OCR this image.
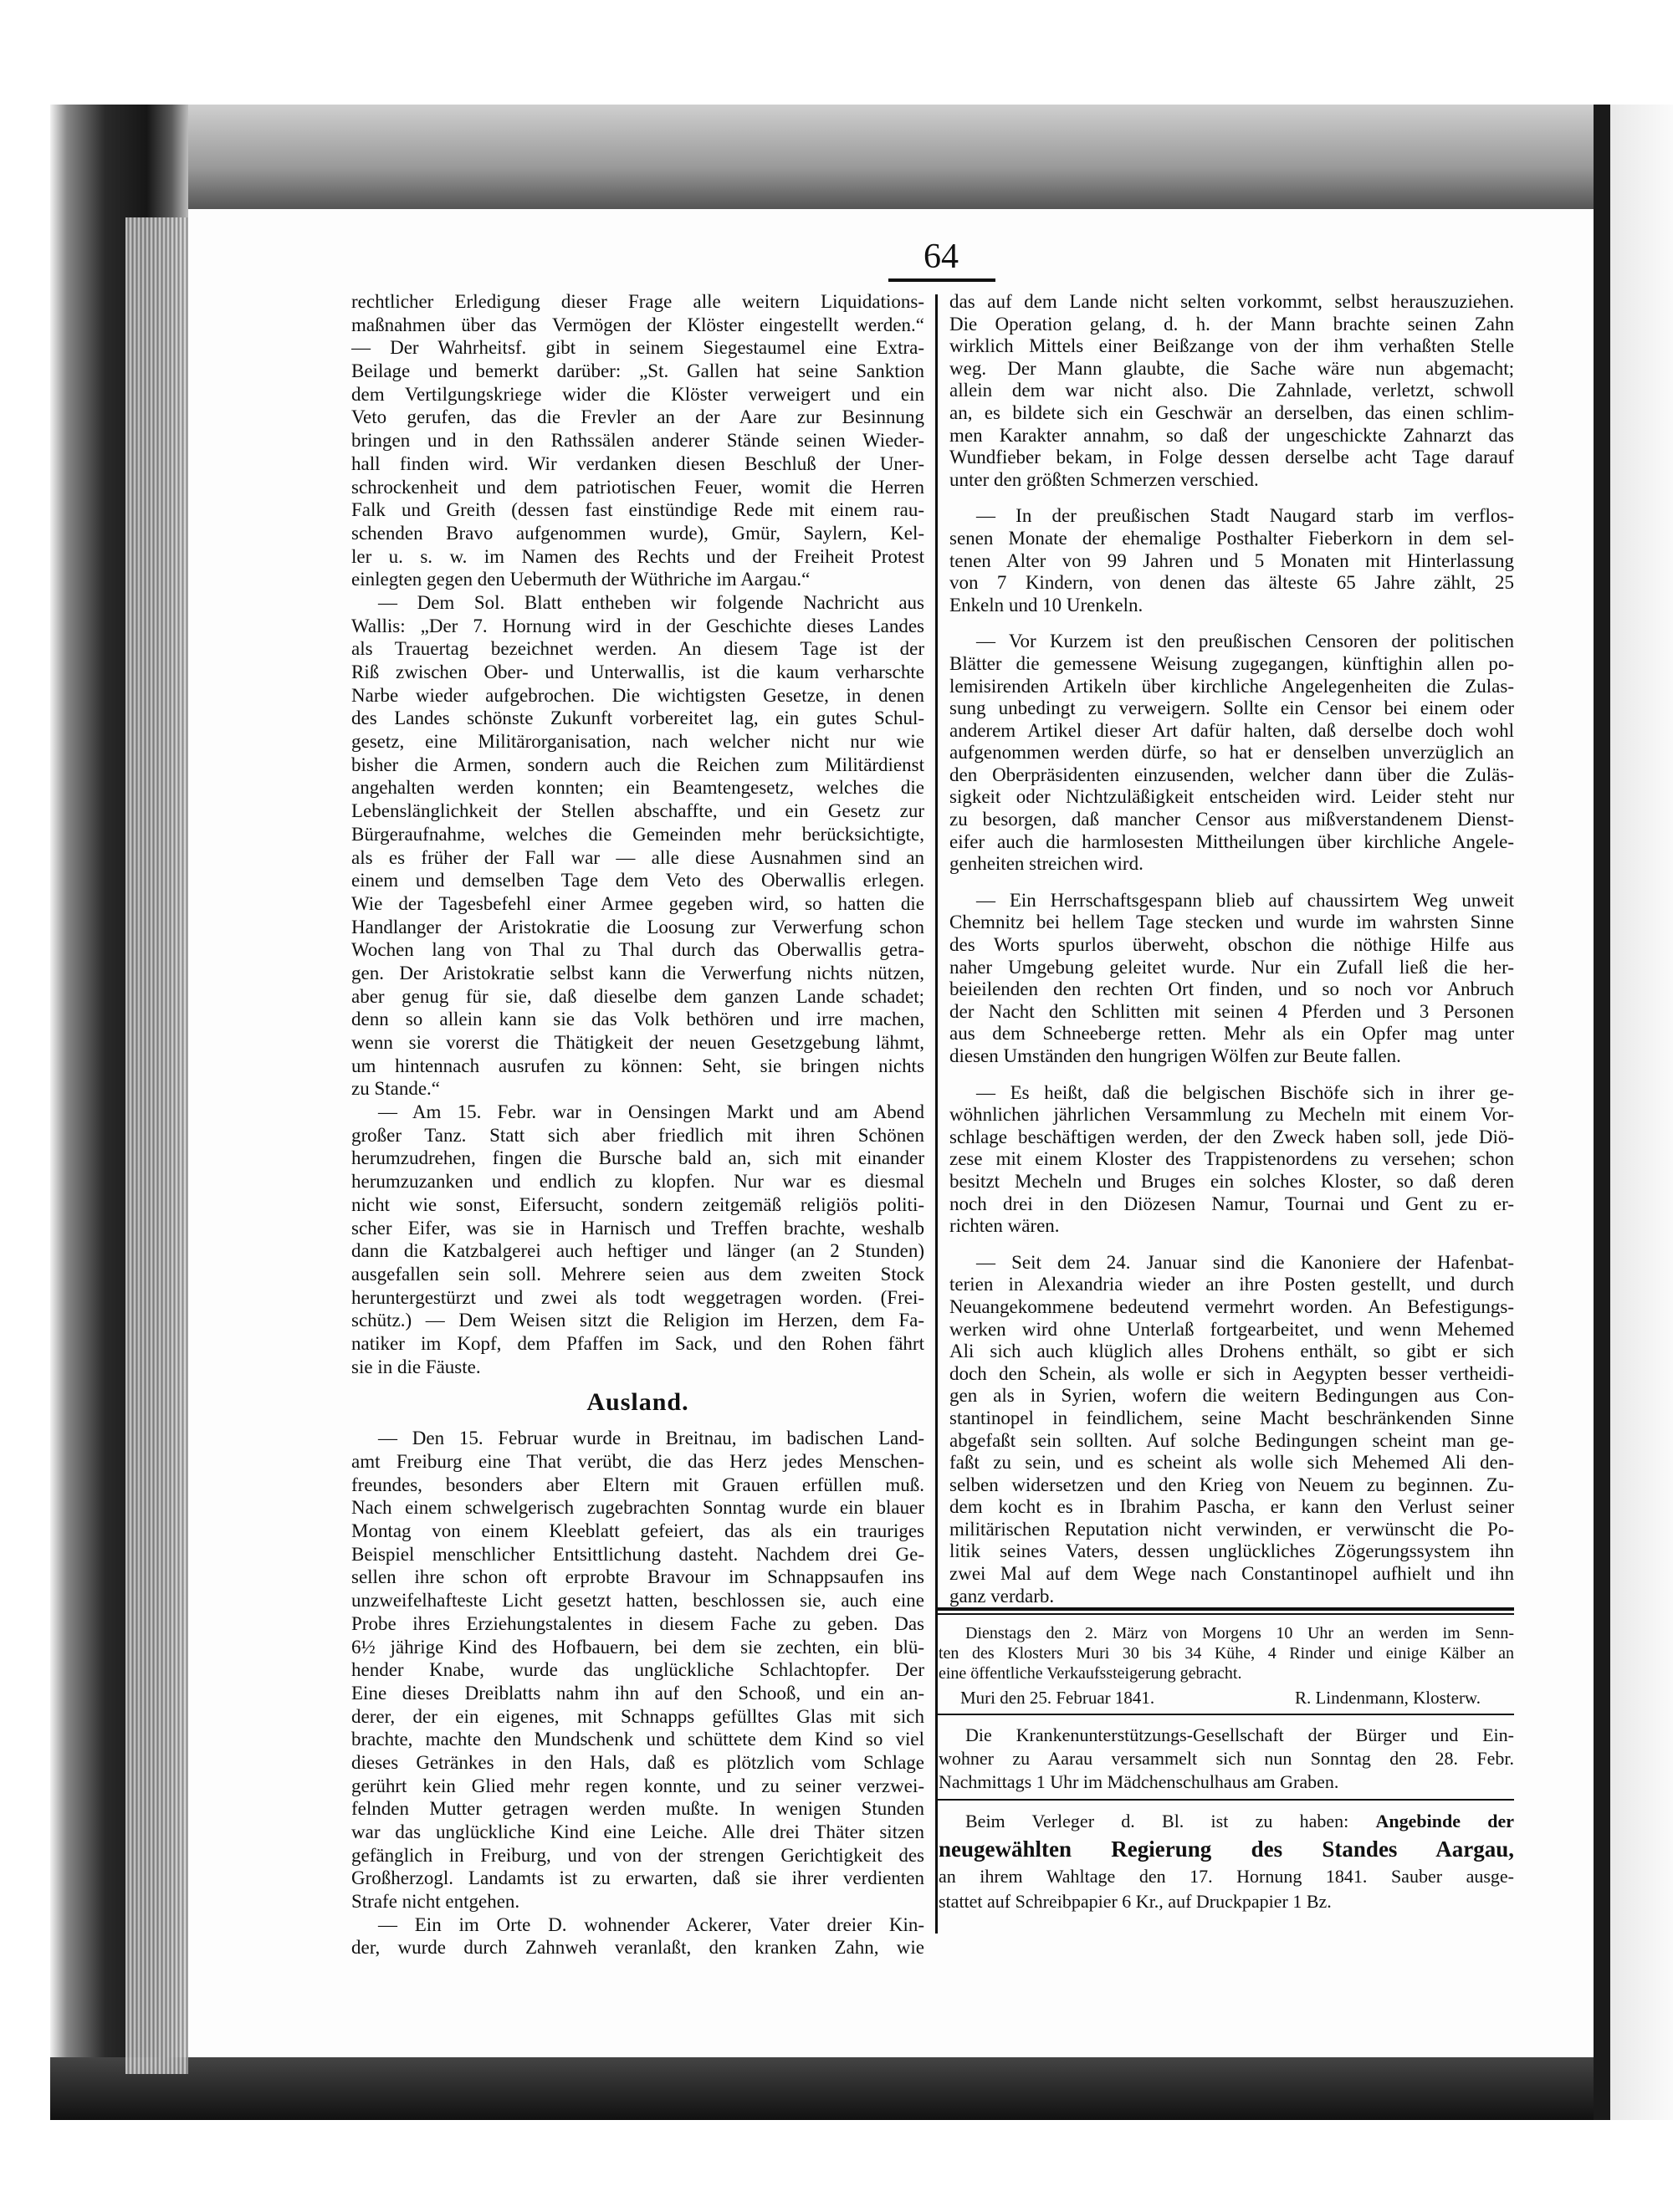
64
rechtlicher Erledigung dieser Frage alle weitern Liquidations-
maßnahmen über das Vermögen der Klöster eingestellt werden.“
— Der Wahrheitsf. gibt in seinem Siegestaumel eine Extra-
Beilage und bemerkt darüber: „St. Gallen hat seine Sanktion
dem Vertilgungskriege wider die Klöster verweigert und ein
Veto gerufen, das die Frevler an der Aare zur Besinnung
bringen und in den Rathssälen anderer Stände seinen Wieder-
hall finden wird. Wir verdanken diesen Beschluß der Uner-
schrockenheit und dem patriotischen Feuer, womit die Herren
Falk und Greith (dessen fast einstündige Rede mit einem rau-
schenden Bravo aufgenommen wurde), Gmür, Saylern, Kel-
ler u. s. w. im Namen des Rechts und der Freiheit Protest
einlegten gegen den Uebermuth der Wüthriche im Aargau.“
— Dem Sol. Blatt entheben wir folgende Nachricht aus
Wallis: „Der 7. Hornung wird in der Geschichte dieses Landes
als Trauertag bezeichnet werden. An diesem Tage ist der
Riß zwischen Ober- und Unterwallis, ist die kaum verharschte
Narbe wieder aufgebrochen. Die wichtigsten Gesetze, in denen
des Landes schönste Zukunft vorbereitet lag, ein gutes Schul-
gesetz, eine Militärorganisation, nach welcher nicht nur wie
bisher die Armen, sondern auch die Reichen zum Militärdienst
angehalten werden konnten; ein Beamtengesetz, welches die
Lebenslänglichkeit der Stellen abschaffte, und ein Gesetz zur
Bürgeraufnahme, welches die Gemeinden mehr berücksichtigte,
als es früher der Fall war — alle diese Ausnahmen sind an
einem und demselben Tage dem Veto des Oberwallis erlegen.
Wie der Tagesbefehl einer Armee gegeben wird, so hatten die
Handlanger der Aristokratie die Loosung zur Verwerfung schon
Wochen lang von Thal zu Thal durch das Oberwallis getra-
gen. Der Aristokratie selbst kann die Verwerfung nichts nützen,
aber genug für sie, daß dieselbe dem ganzen Lande schadet;
denn so allein kann sie das Volk bethören und irre machen,
wenn sie vorerst die Thätigkeit der neuen Gesetzgebung lähmt,
um hintennach ausrufen zu können: Seht, sie bringen nichts
zu Stande.“
— Am 15. Febr. war in Oensingen Markt und am Abend
großer Tanz. Statt sich aber friedlich mit ihren Schönen
herumzudrehen, fingen die Bursche bald an, sich mit einander
herumzuzanken und endlich zu klopfen. Nur war es diesmal
nicht wie sonst, Eifersucht, sondern zeitgemäß religiös politi-
scher Eifer, was sie in Harnisch und Treffen brachte, weshalb
dann die Katzbalgerei auch heftiger und länger (an 2 Stunden)
ausgefallen sein soll. Mehrere seien aus dem zweiten Stock
heruntergestürzt und zwei als todt weggetragen worden. (Frei-
schütz.) — Dem Weisen sitzt die Religion im Herzen, dem Fa-
natiker im Kopf, dem Pfaffen im Sack, und den Rohen fährt
sie in die Fäuste.
Ausland.
— Den 15. Februar wurde in Breitnau, im badischen Land-
amt Freiburg eine That verübt, die das Herz jedes Menschen-
freundes, besonders aber Eltern mit Grauen erfüllen muß.
Nach einem schwelgerisch zugebrachten Sonntag wurde ein blauer
Montag von einem Kleeblatt gefeiert, das als ein trauriges
Beispiel menschlicher Entsittlichung dasteht. Nachdem drei Ge-
sellen ihre schon oft erprobte Bravour im Schnappsaufen ins
unzweifelhafteste Licht gesetzt hatten, beschlossen sie, auch eine
Probe ihres Erziehungstalentes in diesem Fache zu geben. Das
6½ jährige Kind des Hofbauern, bei dem sie zechten, ein blü-
hender Knabe, wurde das unglückliche Schlachtopfer. Der
Eine dieses Dreiblatts nahm ihn auf den Schooß, und ein an-
derer, der ein eigenes, mit Schnapps gefülltes Glas mit sich
brachte, machte den Mundschenk und schüttete dem Kind so viel
dieses Getränkes in den Hals, daß es plötzlich vom Schlage
gerührt kein Glied mehr regen konnte, und zu seiner verzwei-
felnden Mutter getragen werden mußte. In wenigen Stunden
war das unglückliche Kind eine Leiche. Alle drei Thäter sitzen
gefänglich in Freiburg, und von der strengen Gerichtigkeit des
Großherzogl. Landamts ist zu erwarten, daß sie ihrer verdienten
Strafe nicht entgehen.
— Ein im Orte D. wohnender Ackerer, Vater dreier Kin-
der, wurde durch Zahnweh veranlaßt, den kranken Zahn, wie
das auf dem Lande nicht selten vorkommt, selbst herauszuziehen.
Die Operation gelang, d. h. der Mann brachte seinen Zahn
wirklich Mittels einer Beißzange von der ihm verhaßten Stelle
weg. Der Mann glaubte, die Sache wäre nun abgemacht;
allein dem war nicht also. Die Zahnlade, verletzt, schwoll
an, es bildete sich ein Geschwär an derselben, das einen schlim-
men Karakter annahm, so daß der ungeschickte Zahnarzt das
Wundfieber bekam, in Folge dessen derselbe acht Tage darauf
unter den größten Schmerzen verschied.
— In der preußischen Stadt Naugard starb im verflos-
senen Monate der ehemalige Posthalter Fieberkorn in dem sel-
tenen Alter von 99 Jahren und 5 Monaten mit Hinterlassung
von 7 Kindern, von denen das älteste 65 Jahre zählt, 25
Enkeln und 10 Urenkeln.
— Vor Kurzem ist den preußischen Censoren der politischen
Blätter die gemessene Weisung zugegangen, künftighin allen po-
lemisirenden Artikeln über kirchliche Angelegenheiten die Zulas-
sung unbedingt zu verweigern. Sollte ein Censor bei einem oder
anderem Artikel dieser Art dafür halten, daß derselbe doch wohl
aufgenommen werden dürfe, so hat er denselben unverzüglich an
den Oberpräsidenten einzusenden, welcher dann über die Zuläs-
sigkeit oder Nichtzuläßigkeit entscheiden wird. Leider steht nur
zu besorgen, daß mancher Censor aus mißverstandenem Dienst-
eifer auch die harmlosesten Mittheilungen über kirchliche Angele-
genheiten streichen wird.
— Ein Herrschaftsgespann blieb auf chaussirtem Weg unweit
Chemnitz bei hellem Tage stecken und wurde im wahrsten Sinne
des Worts spurlos überweht, obschon die nöthige Hilfe aus
naher Umgebung geleitet wurde. Nur ein Zufall ließ die her-
beieilenden den rechten Ort finden, und so noch vor Anbruch
der Nacht den Schlitten mit seinen 4 Pferden und 3 Personen
aus dem Schneeberge retten. Mehr als ein Opfer mag unter
diesen Umständen den hungrigen Wölfen zur Beute fallen.
— Es heißt, daß die belgischen Bischöfe sich in ihrer ge-
wöhnlichen jährlichen Versammlung zu Mecheln mit einem Vor-
schlage beschäftigen werden, der den Zweck haben soll, jede Diö-
zese mit einem Kloster des Trappistenordens zu versehen; schon
besitzt Mecheln und Bruges ein solches Kloster, so daß deren
noch drei in den Diözesen Namur, Tournai und Gent zu er-
richten wären.
— Seit dem 24. Januar sind die Kanoniere der Hafenbat-
terien in Alexandria wieder an ihre Posten gestellt, und durch
Neuangekommene bedeutend vermehrt worden. An Befestigungs-
werken wird ohne Unterlaß fortgearbeitet, und wenn Mehemed
Ali sich auch klüglich alles Drohens enthält, so gibt er sich
doch den Schein, als wolle er sich in Aegypten besser vertheidi-
gen als in Syrien, wofern die weitern Bedingungen aus Con-
stantinopel in feindlichem, seine Macht beschränkenden Sinne
abgefaßt sein sollten. Auf solche Bedingungen scheint man ge-
faßt zu sein, und es scheint als wolle sich Mehemed Ali den-
selben widersetzen und den Krieg von Neuem zu beginnen. Zu-
dem kocht es in Ibrahim Pascha, er kann den Verlust seiner
militärischen Reputation nicht verwinden, er verwünscht die Po-
litik seines Vaters, dessen unglückliches Zögerungssystem ihn
zwei Mal auf dem Wege nach Constantinopel aufhielt und ihn
ganz verdarb.
Dienstags den 2. März von Morgens 10 Uhr an werden im Senn-
ten des Klosters Muri 30 bis 34 Kühe, 4 Rinder und einige Kälber an
eine öffentliche Verkaufssteigerung gebracht.
Muri den 25. Februar 1841.	R. Lindenmann, Klosterw.
Die Krankenunterstützungs-Gesellschaft der Bürger und Ein-
wohner zu Aarau versammelt sich nun Sonntag den 28. Febr.
Nachmittags 1 Uhr im Mädchenschulhaus am Graben.
Beim Verleger d. Bl. ist zu haben: Angebinde der
neugewählten Regierung des Standes Aargau,
an ihrem Wahltage den 17. Hornung 1841. Sauber ausge-
stattet auf Schreibpapier 6 Kr., auf Druckpapier 1 Bz.
